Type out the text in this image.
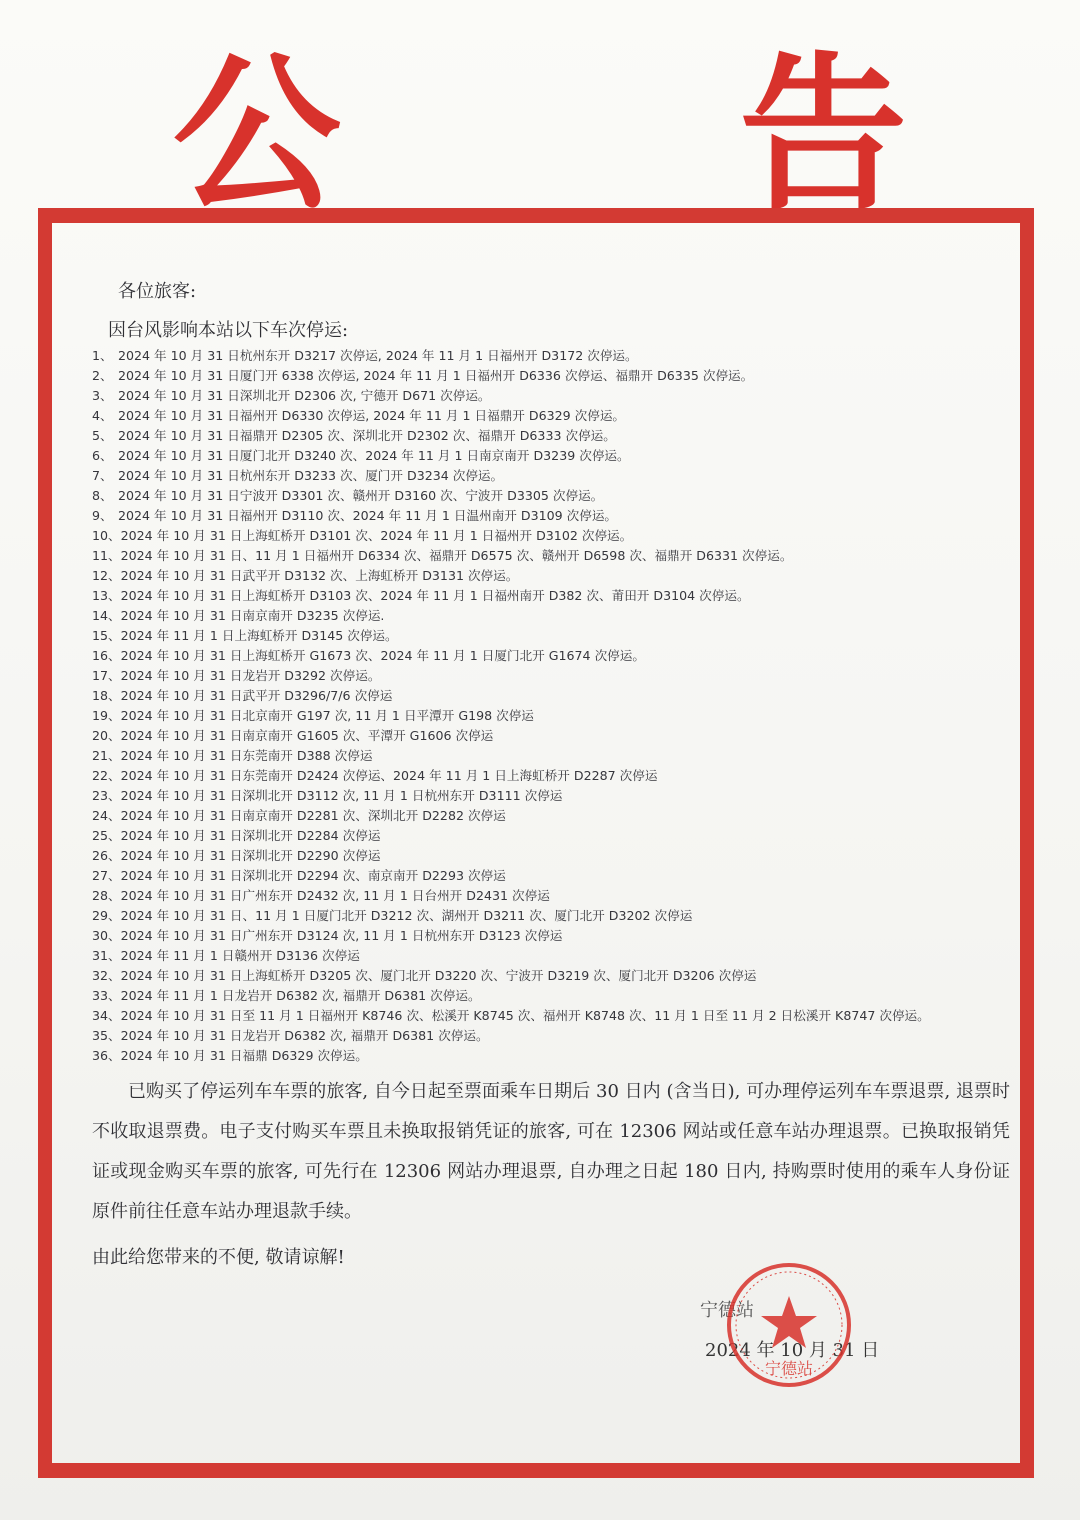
公 告
各位旅客:
因台风影响本站以下车次停运:
1、 2024 年 10 月 31 日杭州东开 D3217 次停运, 2024 年 11 月 1 日福州开 D3172 次停运。
2、 2024 年 10 月 31 日厦门开 6338 次停运, 2024 年 11 月 1 日福州开 D6336 次停运、福鼎开 D6335 次停运。
3、 2024 年 10 月 31 日深圳北开 D2306 次, 宁德开 D671 次停运。
4、 2024 年 10 月 31 日福州开 D6330 次停运, 2024 年 11 月 1 日福鼎开 D6329 次停运。
5、 2024 年 10 月 31 日福鼎开 D2305 次、深圳北开 D2302 次、福鼎开 D6333 次停运。
6、 2024 年 10 月 31 日厦门北开 D3240 次、2024 年 11 月 1 日南京南开 D3239 次停运。
7、 2024 年 10 月 31 日杭州东开 D3233 次、厦门开 D3234 次停运。
8、 2024 年 10 月 31 日宁波开 D3301 次、赣州开 D3160 次、宁波开 D3305 次停运。
9、 2024 年 10 月 31 日福州开 D3110 次、2024 年 11 月 1 日温州南开 D3109 次停运。
10、2024 年 10 月 31 日上海虹桥开 D3101 次、2024 年 11 月 1 日福州开 D3102 次停运。
11、2024 年 10 月 31 日、11 月 1 日福州开 D6334 次、福鼎开 D6575 次、赣州开 D6598 次、福鼎开 D6331 次停运。
12、2024 年 10 月 31 日武平开 D3132 次、上海虹桥开 D3131 次停运。
13、2024 年 10 月 31 日上海虹桥开 D3103 次、2024 年 11 月 1 日福州南开 D382 次、莆田开 D3104 次停运。
14、2024 年 10 月 31 日南京南开 D3235 次停运.
15、2024 年 11 月 1 日上海虹桥开 D3145 次停运。
16、2024 年 10 月 31 日上海虹桥开 G1673 次、2024 年 11 月 1 日厦门北开 G1674 次停运。
17、2024 年 10 月 31 日龙岩开 D3292 次停运。
18、2024 年 10 月 31 日武平开 D3296/7/6 次停运
19、2024 年 10 月 31 日北京南开 G197 次, 11 月 1 日平潭开 G198 次停运
20、2024 年 10 月 31 日南京南开 G1605 次、平潭开 G1606 次停运
21、2024 年 10 月 31 日东莞南开 D388 次停运
22、2024 年 10 月 31 日东莞南开 D2424 次停运、2024 年 11 月 1 日上海虹桥开 D2287 次停运
23、2024 年 10 月 31 日深圳北开 D3112 次, 11 月 1 日杭州东开 D3111 次停运
24、2024 年 10 月 31 日南京南开 D2281 次、深圳北开 D2282 次停运
25、2024 年 10 月 31 日深圳北开 D2284 次停运
26、2024 年 10 月 31 日深圳北开 D2290 次停运
27、2024 年 10 月 31 日深圳北开 D2294 次、南京南开 D2293 次停运
28、2024 年 10 月 31 日广州东开 D2432 次, 11 月 1 日台州开 D2431 次停运
29、2024 年 10 月 31 日、11 月 1 日厦门北开 D3212 次、湖州开 D3211 次、厦门北开 D3202 次停运
30、2024 年 10 月 31 日广州东开 D3124 次, 11 月 1 日杭州东开 D3123 次停运
31、2024 年 11 月 1 日赣州开 D3136 次停运
32、2024 年 10 月 31 日上海虹桥开 D3205 次、厦门北开 D3220 次、宁波开 D3219 次、厦门北开 D3206 次停运
33、2024 年 11 月 1 日龙岩开 D6382 次, 福鼎开 D6381 次停运。
34、2024 年 10 月 31 日至 11 月 1 日福州开 K8746 次、松溪开 K8745 次、福州开 K8748 次、11 月 1 日至 11 月 2 日松溪开 K8747 次停运。
35、2024 年 10 月 31 日龙岩开 D6382 次, 福鼎开 D6381 次停运。
36、2024 年 10 月 31 日福鼎 D6329 次停运。
已购买了停运列车车票的旅客, 自今日起至票面乘车日期后 30 日内 (含当日), 可办理停运列车车票退票, 退票时不收取退票费。电子支付购买车票且未换取报销凭证的旅客, 可在 12306 网站或任意车站办理退票。已换取报销凭证或现金购买车票的旅客, 可先行在 12306 网站办理退票, 自办理之日起 180 日内, 持购票时使用的乘车人身份证原件前往任意车站办理退款手续。
由此给您带来的不便, 敬请谅解!
宁德站
2024 年 10 月 31 日
宁德站
